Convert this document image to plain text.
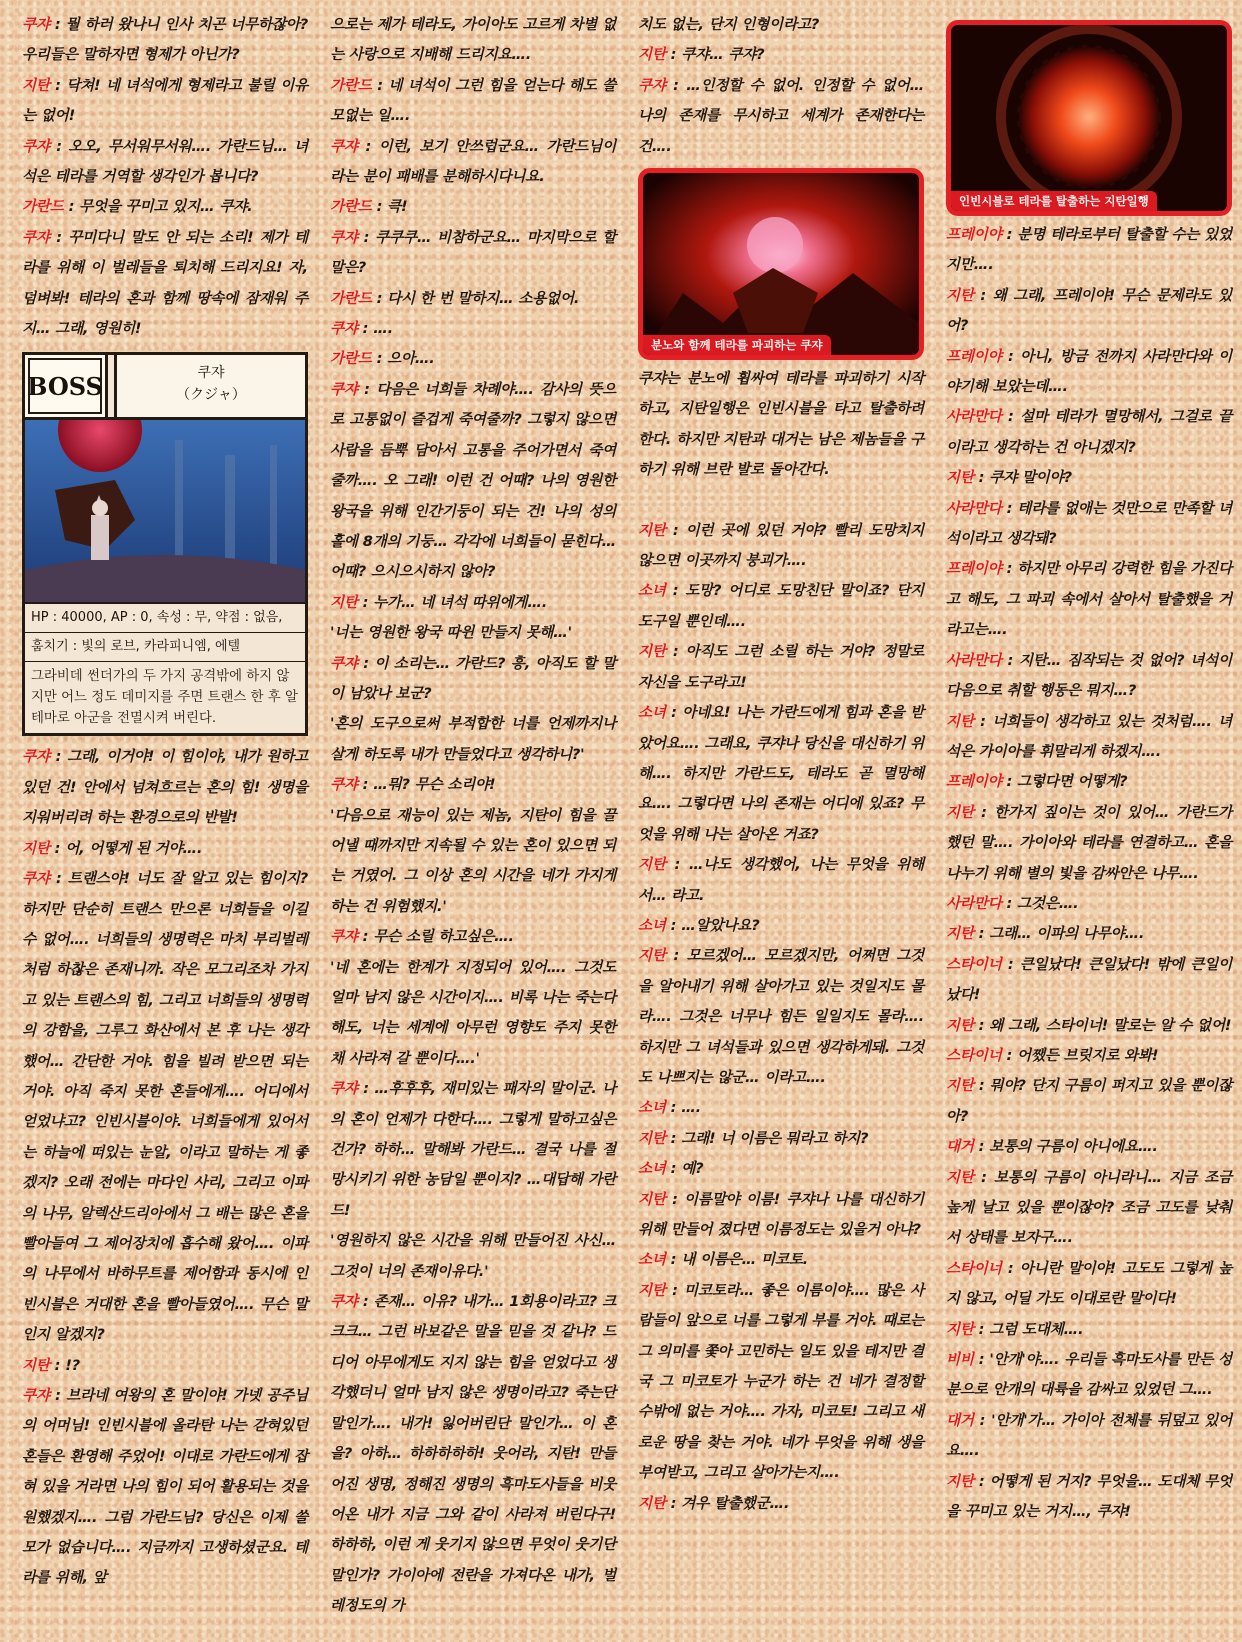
쿠쟈 : 뭘 하러 왔나니 인사 치곤 너무하잖아? 우리들은 말하자면 형제가 아닌가?

지탄 : 닥쳐! 네 녀석에게 형제라고 불릴 이유는 없어!

쿠쟈 : 오오, 무서워무서워…. 가란드님… 녀석은 테라를 거역할 생각인가 봅니다?

가란드 : 무엇을 꾸미고 있지… 쿠쟈.

쿠쟈 : 꾸미다니 말도 안 되는 소리! 제가 테라를 위해 이 벌레들을 퇴치해 드리지요! 자, 덤벼봐! 테라의 혼과 함께 땅속에 잠재워 주지… 그래, 영원히!

BOSS	쿠쟈
（クジャ）
HP : 40000, AP : 0, 속성 : 무, 약점 : 없음,
훔치기 : 빛의 로브, 카라피니엠, 에텔
그라비데 썬더가의 두 가지 공격밖에 하지 않지만 어느 정도 데미지를 주면 트랜스 한 후 알테마로 아군을 전멸시켜 버린다.

쿠쟈 : 그래, 이거야! 이 힘이야, 내가 원하고 있던 건! 안에서 넘쳐흐르는 혼의 힘! 생명을 지워버리려 하는 환경으로의 반발!

지탄 : 어, 어떻게 된 거야….

쿠쟈 : 트랜스야! 너도 잘 알고 있는 힘이지? 하지만 단순히 트랜스 만으론 너희들을 이길 수 없어…. 너희들의 생명력은 마치 부리벌레처럼 하찮은 존재니까. 작은 모그리조차 가지고 있는 트랜스의 힘, 그리고 너희들의 생명력의 강함을, 그루그 화산에서 본 후 나는 생각했어… 간단한 거야. 힘을 빌려 받으면 되는 거야. 아직 죽지 못한 혼들에게…. 어디에서 얻었냐고? 인빈시블이야. 너희들에게 있어서는 하늘에 떠있는 눈알, 이라고 말하는 게 좋겠지? 오래 전에는 마다인 사리, 그리고 이파의 나무, 알렉산드리아에서 그 배는 많은 혼을 빨아들여 그 제어장치에 흡수해 왔어…. 이파의 나무에서 바하무트를 제어함과 동시에 인빈시블은 거대한 혼을 빨아들였어…. 무슨 말인지 알겠지?

지탄 : !?

쿠쟈 : 브라네 여왕의 혼 말이야! 가넷 공주님의 어머님! 인빈시블에 올라탄 나는 갇혀있던 혼들은 환영해 주었어! 이대로 가란드에게 잡혀 있을 거라면 나의 힘이 되어 활용되는 것을 원했겠지…. 그럼 가란드님? 당신은 이제 쓸모가 없습니다…. 지금까지 고생하셨군요. 테라를 위해, 앞

으로는 제가 테라도, 가이아도 고르게 차별 없는 사랑으로 지배해 드리지요….

가란드 : 네 녀석이 그런 힘을 얻는다 해도 쓸모없는 일….

쿠쟈 : 이런, 보기 안쓰럽군요… 가란드님이라는 분이 패배를 분해하시다니요.

가란드 : 큭!

쿠쟈 : 쿠쿠쿠… 비참하군요… 마지막으로 할말은?

가란드 : 다시 한 번 말하지… 소용없어.

쿠쟈 : ….

가란드 : 으아….

쿠쟈 : 다음은 너희들 차례야…. 감사의 뜻으로 고통없이 즐겁게 죽여줄까? 그렇지 않으면 사람을 듬뿍 담아서 고통을 주어가면서 죽여줄까…. 오 그래! 이런 건 어때? 나의 영원한 왕국을 위해 인간기둥이 되는 건! 나의 성의 홀에 8개의 기둥… 각각에 너희들이 묻힌다… 어때? 으시으시하지 않아?

지탄 : 누가… 네 녀석 따위에게….

'너는 영원한 왕국 따윈 만들지 못해…'

쿠쟈 : 이 소리는… 가란드? 흥, 아직도 할 말이 남았나 보군?

'혼의 도구으로써 부적합한 너를 언제까지나 살게 하도록 내가 만들었다고 생각하니?'

쿠쟈 : …뭐? 무슨 소리야!

'다음으로 재능이 있는 제놈, 지탄이 힘을 끌어낼 때까지만 지속될 수 있는 혼이 있으면 되는 거였어. 그 이상 혼의 시간을 네가 가지게 하는 건 위험했지.'

쿠쟈 : 무슨 소릴 하고싶은….

'네 혼에는 한계가 지정되어 있어…. 그것도 얼마 남지 않은 시간이지…. 비록 나는 죽는다 해도, 너는 세계에 아무런 영향도 주지 못한 채 사라져 갈 뿐이다….'

쿠쟈 : …후후후, 재미있는 패자의 말이군. 나의 혼이 언제가 다한다…. 그렇게 말하고싶은 건가? 하하… 말해봐 가란드… 결국 나를 절망시키기 위한 농담일 뿐이지? …대답해 가란드!

'영원하지 않은 시간을 위해 만들어진 사신… 그것이 너의 존재이유다.'

쿠쟈 : 존재… 이유? 내가… 1회용이라고? 크크크… 그런 바보같은 말을 믿을 것 같나? 드디어 아무에게도 지지 않는 힘을 얻었다고 생각했더니 얼마 남지 않은 생명이라고? 죽는단 말인가…. 내가! 잃어버린단 말인가… 이 혼을? 아하… 하하하하하! 웃어라, 지탄! 만들어진 생명, 정해진 생명의 흑마도사들을 비웃어온 내가 지금 그와 같이 사라져 버린다구! 하하하, 이런 게 웃기지 않으면 무엇이 웃기단 말인가? 가이아에 전란을 가져다온 내가, 벌레정도의 가

치도 없는, 단지 인형이라고?

지탄 : 쿠쟈… 쿠쟈?

쿠쟈 : …인정할 수 없어. 인정할 수 없어… 나의 존재를 무시하고 세계가 존재한다는 건….

분노와 함께 테라를 파괴하는 쿠쟈

쿠쟈는 분노에 휩싸여 테라를 파괴하기 시작하고, 지탄일행은 인빈시블을 타고 탈출하려 한다. 하지만 지탄과 대거는 남은 제놈들을 구하기 위해 브란 발로 돌아간다.

지탄 : 이런 곳에 있던 거야? 빨리 도망치지 않으면 이곳까지 붕괴가….

소녀 : 도망? 어디로 도망친단 말이죠? 단지 도구일 뿐인데….

지탄 : 아직도 그런 소릴 하는 거야? 정말로 자신을 도구라고!

소녀 : 아네요! 나는 가란드에게 힘과 혼을 받았어요…. 그래요, 쿠쟈나 당신을 대신하기 위해…. 하지만 가란드도, 테라도 곧 멸망해요…. 그렇다면 나의 존재는 어디에 있죠? 무엇을 위해 나는 살아온 거죠?

지탄 : …나도 생각했어, 나는 무엇을 위해서… 라고.

소녀 : …알았나요?

지탄 : 모르겠어… 모르겠지만, 어쩌면 그것을 알아내기 위해 살아가고 있는 것일지도 몰라…. 그것은 너무나 힘든 일일지도 몰라…. 하지만 그 녀석들과 있으면 생각하게돼. 그것도 나쁘지는 않군… 이라고….

소녀 : ….

지탄 : 그래! 너 이름은 뭐라고 하지?

소녀 : 예?

지탄 : 이름말야 이름! 쿠쟈나 나를 대신하기 위해 만들어 졌다면 이름정도는 있을거 아냐?

소녀 : 내 이름은… 미코토.

지탄 : 미코토라… 좋은 이름이야…. 많은 사람들이 앞으로 너를 그렇게 부를 거야. 때로는 그 의미를 쫓아 고민하는 일도 있을 테지만 결국 그 미코토가 누군가 하는 건 네가 결정할 수밖에 없는 거야…. 가자, 미코토! 그리고 새로운 땅을 찾는 거야. 네가 무엇을 위해 생을 부여받고, 그리고 살아가는지….

지탄 : 겨우 탈출했군….

인빈시블로 테라를 탈출하는 지탄일행

프레이야 : 분명 테라로부터 탈출할 수는 있었지만….

지탄 : 왜 그래, 프레이야! 무슨 문제라도 있어?

프레이야 : 아니, 방금 전까지 사라만다와 이야기해 보았는데….

사라만다 : 설마 테라가 멸망해서, 그걸로 끝이라고 생각하는 건 아니겠지?

지탄 : 쿠쟈 말이야?

사라만다 : 테라를 없애는 것만으로 만족할 녀석이라고 생각돼?

프레이야 : 하지만 아무리 강력한 힘을 가진다고 해도, 그 파괴 속에서 살아서 탈출했을 거라고는….

사라만다 : 지탄… 짐작되는 것 없어? 녀석이 다음으로 취할 행동은 뭐지…?

지탄 : 너희들이 생각하고 있는 것처럼…. 녀석은 가이아를 휘말리게 하겠지….

프레이야 : 그렇다면 어떻게?

지탄 : 한가지 짚이는 것이 있어… 가란드가 했던 말…. 가이아와 테라를 연결하고… 혼을 나누기 위해 별의 빛을 감싸안은 나무….

사라만다 : 그것은….

지탄 : 그래… 이파의 나무야….

스타이너 : 큰일났다! 큰일났다! 밖에 큰일이 났다!

지탄 : 왜 그래, 스타이너! 말로는 알 수 없어!

스타이너 : 어쨌든 브릿지로 와봐!

지탄 : 뭐야? 단지 구름이 퍼지고 있을 뿐이잖아?

대거 : 보통의 구름이 아니에요….

지탄 : 보통의 구름이 아니라니… 지금 조금 높게 날고 있을 뿐이잖아? 조금 고도를 낮춰서 상태를 보자구….

스타이너 : 아니란 말이야! 고도도 그렇게 높지 않고, 어딜 가도 이대로란 말이다!

지탄 : 그럼 도대체….

비비 : '안개'야…. 우리들 흑마도사를 만든 성분으로 안개의 대륙을 감싸고 있었던 그….

대거 : '안개'가… 가이아 전체를 뒤덮고 있어요….

지탄 : 어떻게 된 거지? 무엇을… 도대체 무엇을 꾸미고 있는 거지…, 쿠쟈!
